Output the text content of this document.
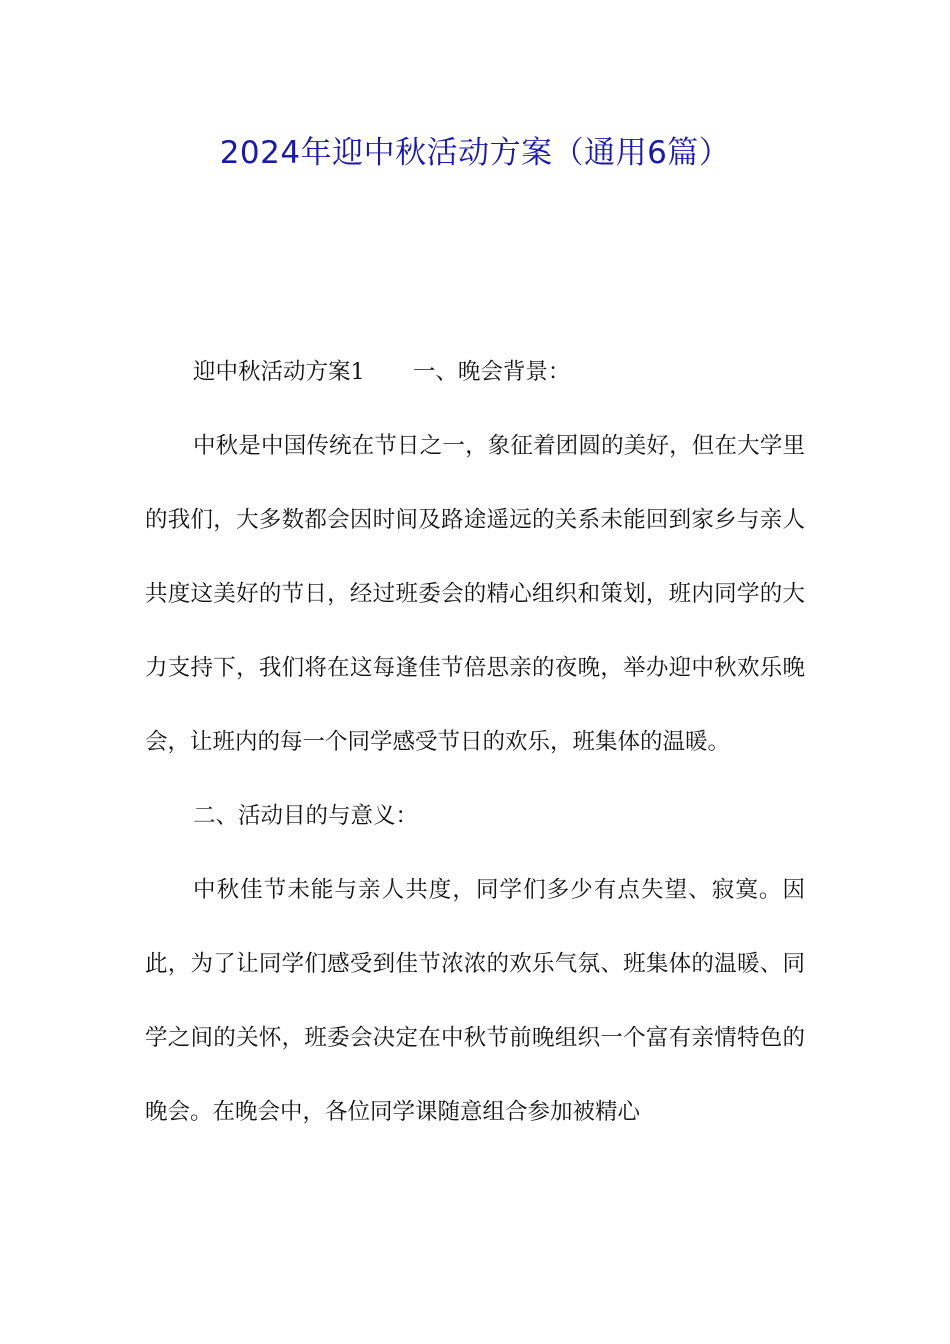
2024年迎中秋活动方案（通用6篇）

迎中秋活动方案1 一、晚会背景：

中秋是中国传统在节日之一，象征着团圆的美好，但在大学里的我们，大多数都会因时间及路途遥远的关系未能回到家乡与亲人共度这美好的节日，经过班委会的精心组织和策划，班内同学的大力支持下，我们将在这每逢佳节倍思亲的夜晚，举办迎中秋欢乐晚会，让班内的每一个同学感受节日的欢乐，班集体的温暖。

二、活动目的与意义：

中秋佳节未能与亲人共度，同学们多少有点失望、寂寞。因此，为了让同学们感受到佳节浓浓的欢乐气氛、班集体的温暖、同学之间的关怀，班委会决定在中秋节前晚组织一个富有亲情特色的晚会。在晚会中，各位同学课随意组合参加被精心
